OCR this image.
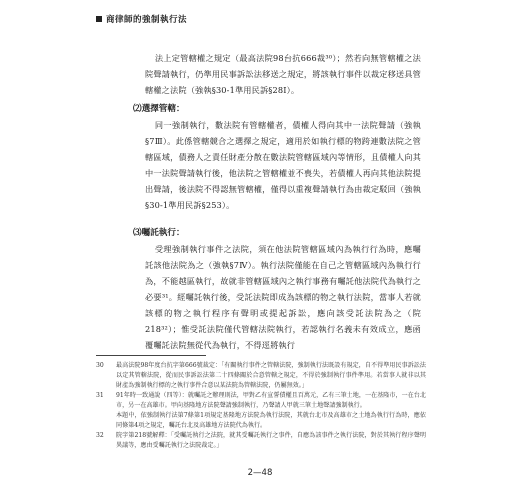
商律師的強制執行法
法上定管轄權之規定（最高法院98台抗666裁³⁰）；然若向無管轄權之法院聲請執行，仍準用民事訴訟法移送之規定，將該執行事件以裁定移送具管轄權之法院（強執§30-1準用民訴§28Ⅰ）。
⑵選擇管轄：
同一強制執行，數法院有管轄權者，債權人得向其中一法院聲請（強執§7Ⅲ）。此係管轄競合之選擇之規定，適用於如執行標的物跨連數法院之管轄區域，債務人之責任財產分散在數法院管轄區域內等情形，且債權人向其中一法院聲請執行後，他法院之管轄權並不喪失，若債權人再向其他法院提出聲請，後法院不得認無管轄權，僅得以重複聲請執行為由裁定駁回（強執§30-1準用民訴§253）。
⑶囑託執行：
受理強制執行事件之法院，須在他法院管轄區域內為執行行為時，應囑託該他法院為之（強執§7Ⅳ）。執行法院僅能在自己之管轄區域內為執行行為，不能越區執行，故就非管轄區域內之執行事務有囑託他法院代為執行之必要³¹。經囑託執行後，受託法院即成為該標的物之執行法院，當事人若就該標的物之執行程序有聲明或提起訴訟，應向該受託法院為之（院218³²）；惟受託法院僅代管轄法院執行，若認執行名義未有效成立，應函覆囑託法院無從代為執行，不得逕將執行
30	最高法院98年度台抗字第666號裁定：「有關執行事件之管轄法院，強制執行法既設有規定，自不得準用民事訴訟法以定其管轄法院，從而民事訴訟法第二十四條關於合意管轄之規定，不得於強制執行事件準用。若當事人就非以其財產為強制執行標的之執行事件合意以某法院為管轄法院，仍屬無效。」
31	91年時一致通說（四等）：就囑託之辦理則法，甲對乙有宣誓債權且百萬元，乙有三筆土地，一在基隆市，一在台北市，另一在高雄市。甲向基隆地方法院聲請強制執行，乃聲請人甲就三筆土地聲請強制執行。
本題中，依強制執行法第7條第1項規定基隆地方法院為執行法院，其就台北市及高雄市之土地為執行行為時，應依同條第4項之規定，囑託台北及高雄地方法院代為執行。
32	院字第218號解釋：「受囑託執行之法院，就其受囑託執行之事件，自應為該事件之執行法院，對於其執行程序聲明異議等，應由受囑託執行之法院裁定。」
2—48
